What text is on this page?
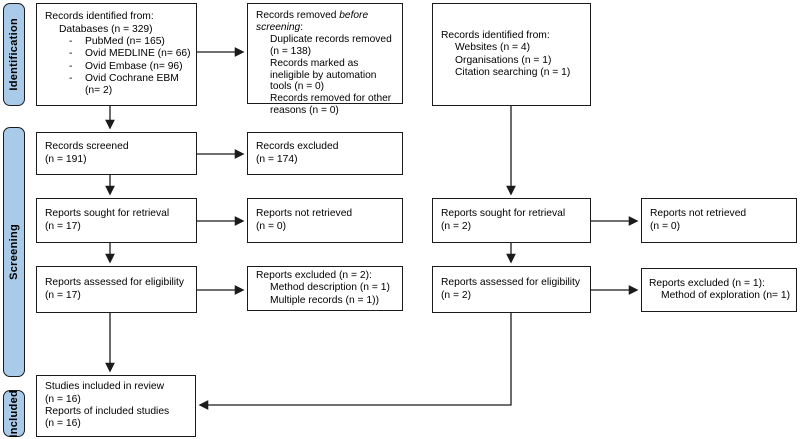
Identification
Screening
Included
Records identified from:
Databases (n = 329)
-	PubMed (n= 165)
-	Ovid MEDLINE (n= 66)
-	Ovid Embase (n= 96)
-	Ovid Cochrane EBM (n= 2)

Records removed before screening:

Duplicate records removed (n = 138)
Records marked as ineligible by automation tools (n = 0)
Records removed for other reasons (n = 0)
Records identified from:
Websites (n = 4)
Organisations (n = 1)
Citation searching (n = 1)
Records screened
(n = 191)
Records excluded
(n = 174)
Reports sought for retrieval
(n = 17)
Reports not retrieved
(n = 0)
Reports sought for retrieval
(n = 2)
Reports not retrieved
(n = 0)
Reports assessed for eligibility
(n = 17)
Reports excluded (n = 2):
Method description (n = 1)
Multiple records (n = 1))
Reports assessed for eligibility
(n = 2)
Reports excluded (n = 1):
Method of exploration (n= 1)
Studies included in review
(n = 16)
Reports of included studies
(n = 16)
